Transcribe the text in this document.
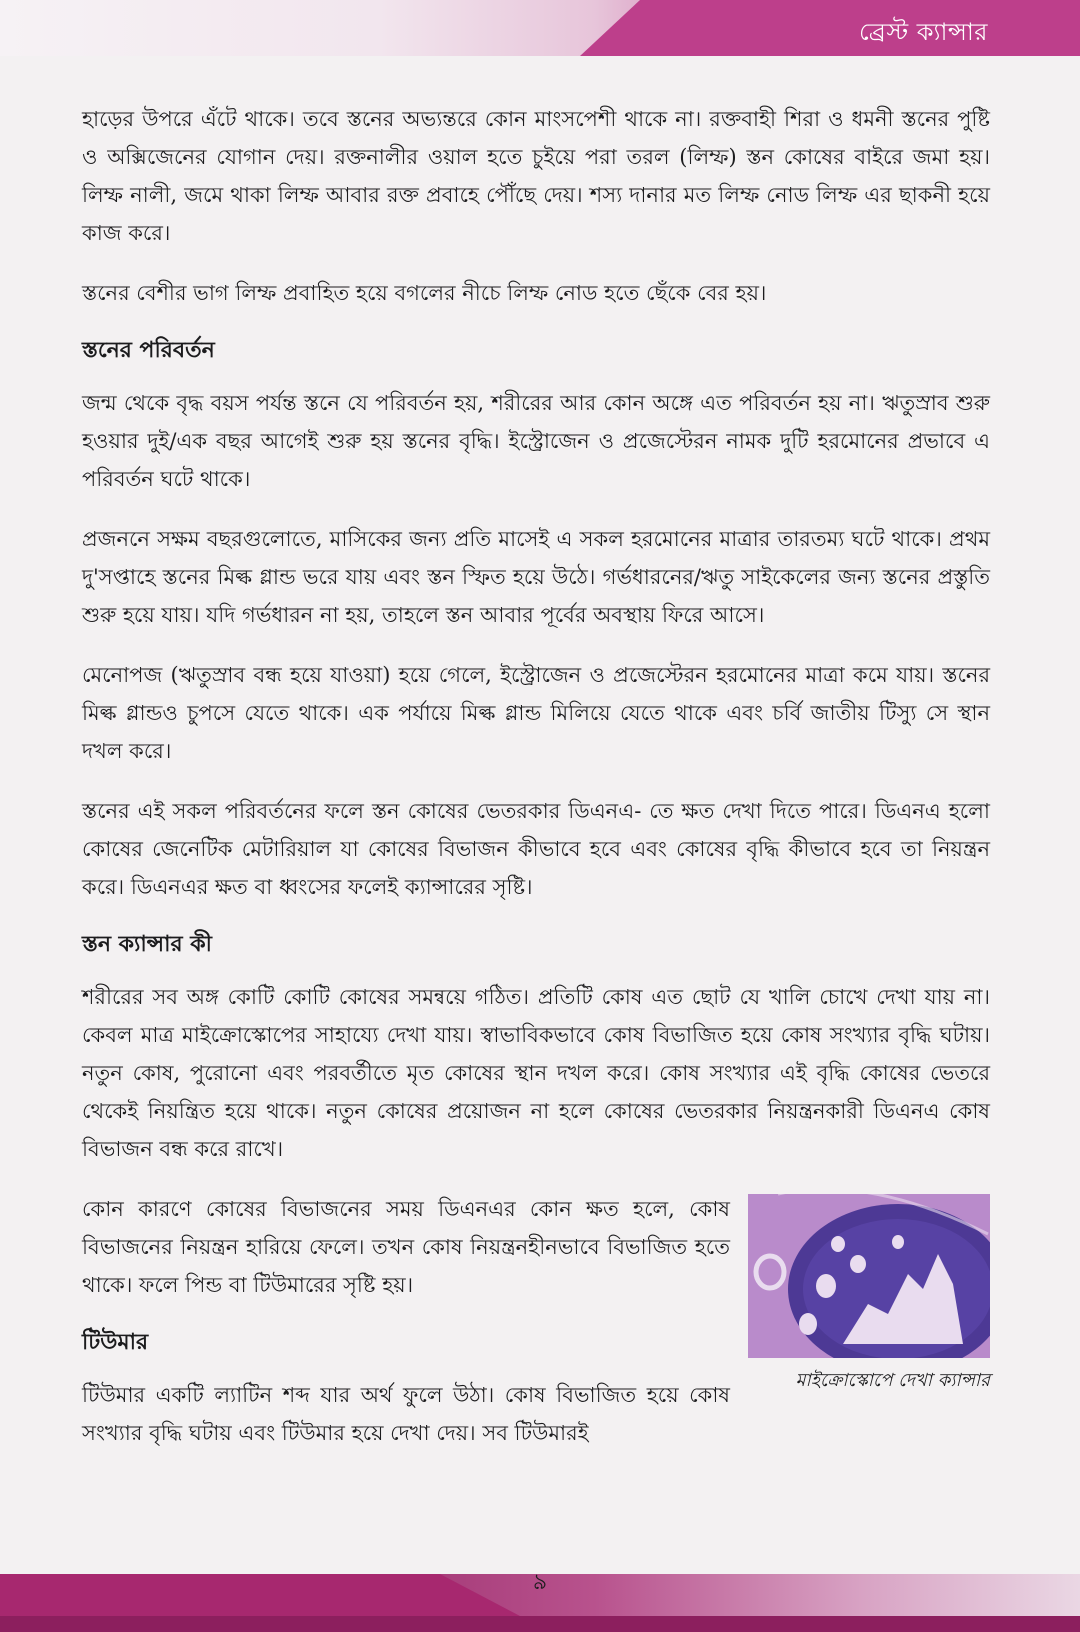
ব্রেস্ট ক্যান্সার

হাড়ের উপরে এঁটে থাকে। তবে স্তনের অভ্যন্তরে কোন মাংসপেশী থাকে না। রক্তবাহী শিরা ও ধমনী স্তনের পুষ্টি ও অক্সিজেনের যোগান দেয়। রক্তনালীর ওয়াল হতে চুইয়ে পরা তরল (লিম্ফ) স্তন কোষের বাইরে জমা হয়। লিম্ফ নালী, জমে থাকা লিম্ফ আবার রক্ত প্রবাহে পৌঁছে দেয়। শস্য দানার মত লিম্ফ নোড লিম্ফ এর ছাকনী হয়ে কাজ করে।

স্তনের বেশীর ভাগ লিম্ফ প্রবাহিত হয়ে বগলের নীচে লিম্ফ নোড হতে ছেঁকে বের হয়।

স্তনের পরিবর্তন

জন্ম থেকে বৃদ্ধ বয়স পর্যন্ত স্তনে যে পরিবর্তন হয়, শরীরের আর কোন অঙ্গে এত পরিবর্তন হয় না। ঋতুস্রাব শুরু হওয়ার দুই/এক বছর আগেই শুরু হয় স্তনের বৃদ্ধি। ইস্ট্রোজেন ও প্রজেস্টেরন নামক দুটি হরমোনের প্রভাবে এ পরিবর্তন ঘটে থাকে।

প্রজননে সক্ষম বছরগুলোতে, মাসিকের জন্য প্রতি মাসেই এ সকল হরমোনের মাত্রার তারতম্য ঘটে থাকে। প্রথম দু'সপ্তাহে স্তনের মিল্ক গ্লান্ড ভরে যায় এবং স্তন স্ফিত হয়ে উঠে। গর্ভধারনের/ঋতু সাইকেলের জন্য স্তনের প্রস্তুতি শুরু হয়ে যায়। যদি গর্ভধারন না হয়, তাহলে স্তন আবার পূর্বের অবস্থায় ফিরে আসে।

মেনোপজ (ঋতুস্রাব বন্ধ হয়ে যাওয়া) হয়ে গেলে, ইস্ট্রোজেন ও প্রজেস্টেরন হরমোনের মাত্রা কমে যায়। স্তনের মিল্ক গ্লান্ডও চুপসে যেতে থাকে। এক পর্যায়ে মিল্ক গ্লান্ড মিলিয়ে যেতে থাকে এবং চর্বি জাতীয় টিস্যু সে স্থান দখল করে।

স্তনের এই সকল পরিবর্তনের ফলে স্তন কোষের ভেতরকার ডিএনএ- তে ক্ষত দেখা দিতে পারে। ডিএনএ হলো কোষের জেনেটিক মেটারিয়াল যা কোষের বিভাজন কীভাবে হবে এবং কোষের বৃদ্ধি কীভাবে হবে তা নিয়ন্ত্রন করে। ডিএনএর ক্ষত বা ধ্বংসের ফলেই ক্যান্সারের সৃষ্টি।

স্তন ক্যান্সার কী

শরীরের সব অঙ্গ কোটি কোটি কোষের সমন্বয়ে গঠিত। প্রতিটি কোষ এত ছোট যে খালি চোখে দেখা যায় না। কেবল মাত্র মাইক্রোস্কোপের সাহায্যে দেখা যায়। স্বাভাবিকভাবে কোষ বিভাজিত হয়ে কোষ সংখ্যার বৃদ্ধি ঘটায়। নতুন কোষ, পুরোনো এবং পরবর্তীতে মৃত কোষের স্থান দখল করে। কোষ সংখ্যার এই বৃদ্ধি কোষের ভেতরে থেকেই নিয়ন্ত্রিত হয়ে থাকে। নতুন কোষের প্রয়োজন না হলে কোষের ভেতরকার নিয়ন্ত্রনকারী ডিএনএ কোষ বিভাজন বন্ধ করে রাখে।

মাইক্রোস্কোপে দেখা ক্যান্সার

কোন কারণে কোষের বিভাজনের সময় ডিএনএর কোন ক্ষত হলে, কোষ বিভাজনের নিয়ন্ত্রন হারিয়ে ফেলে। তখন কোষ নিয়ন্ত্রনহীনভাবে বিভাজিত হতে থাকে। ফলে পিন্ড বা টিউমারের সৃষ্টি হয়।

টিউমার

টিউমার একটি ল্যাটিন শব্দ যার অর্থ ফুলে উঠা। কোষ বিভাজিত হয়ে কোষ সংখ্যার বৃদ্ধি ঘটায় এবং টিউমার হয়ে দেখা দেয়। সব টিউমারই

৯
